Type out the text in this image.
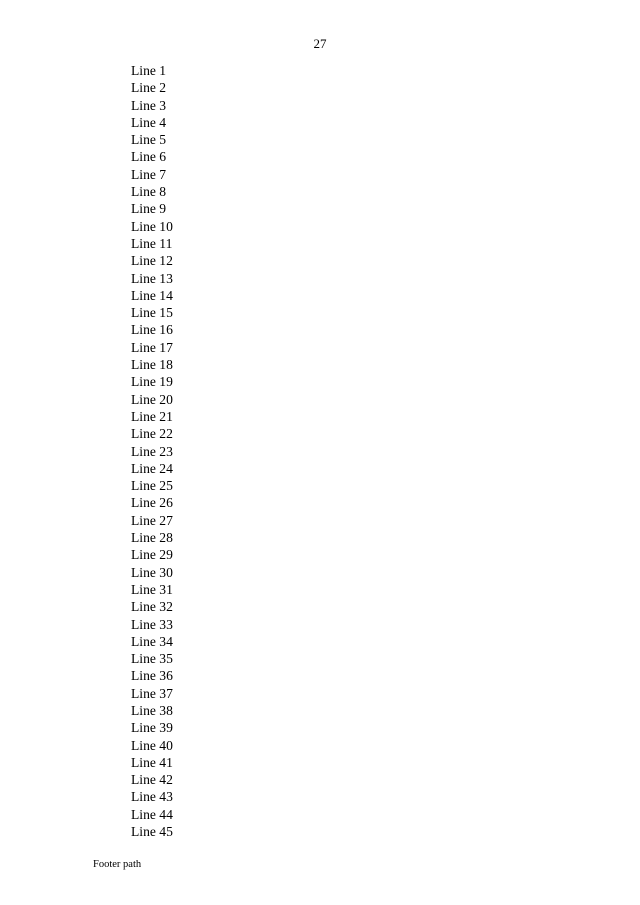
27
Line 1
Line 2
Line 3
Line 4
Line 5
Line 6
Line 7
Line 8
Line 9
Line 10
Line 11
Line 12
Line 13
Line 14
Line 15
Line 16
Line 17
Line 18
Line 19
Line 20
Line 21
Line 22
Line 23
Line 24
Line 25
Line 26
Line 27
Line 28
Line 29
Line 30
Line 31
Line 32
Line 33
Line 34
Line 35
Line 36
Line 37
Line 38
Line 39
Line 40
Line 41
Line 42
Line 43
Line 44
Line 45
Footer path
